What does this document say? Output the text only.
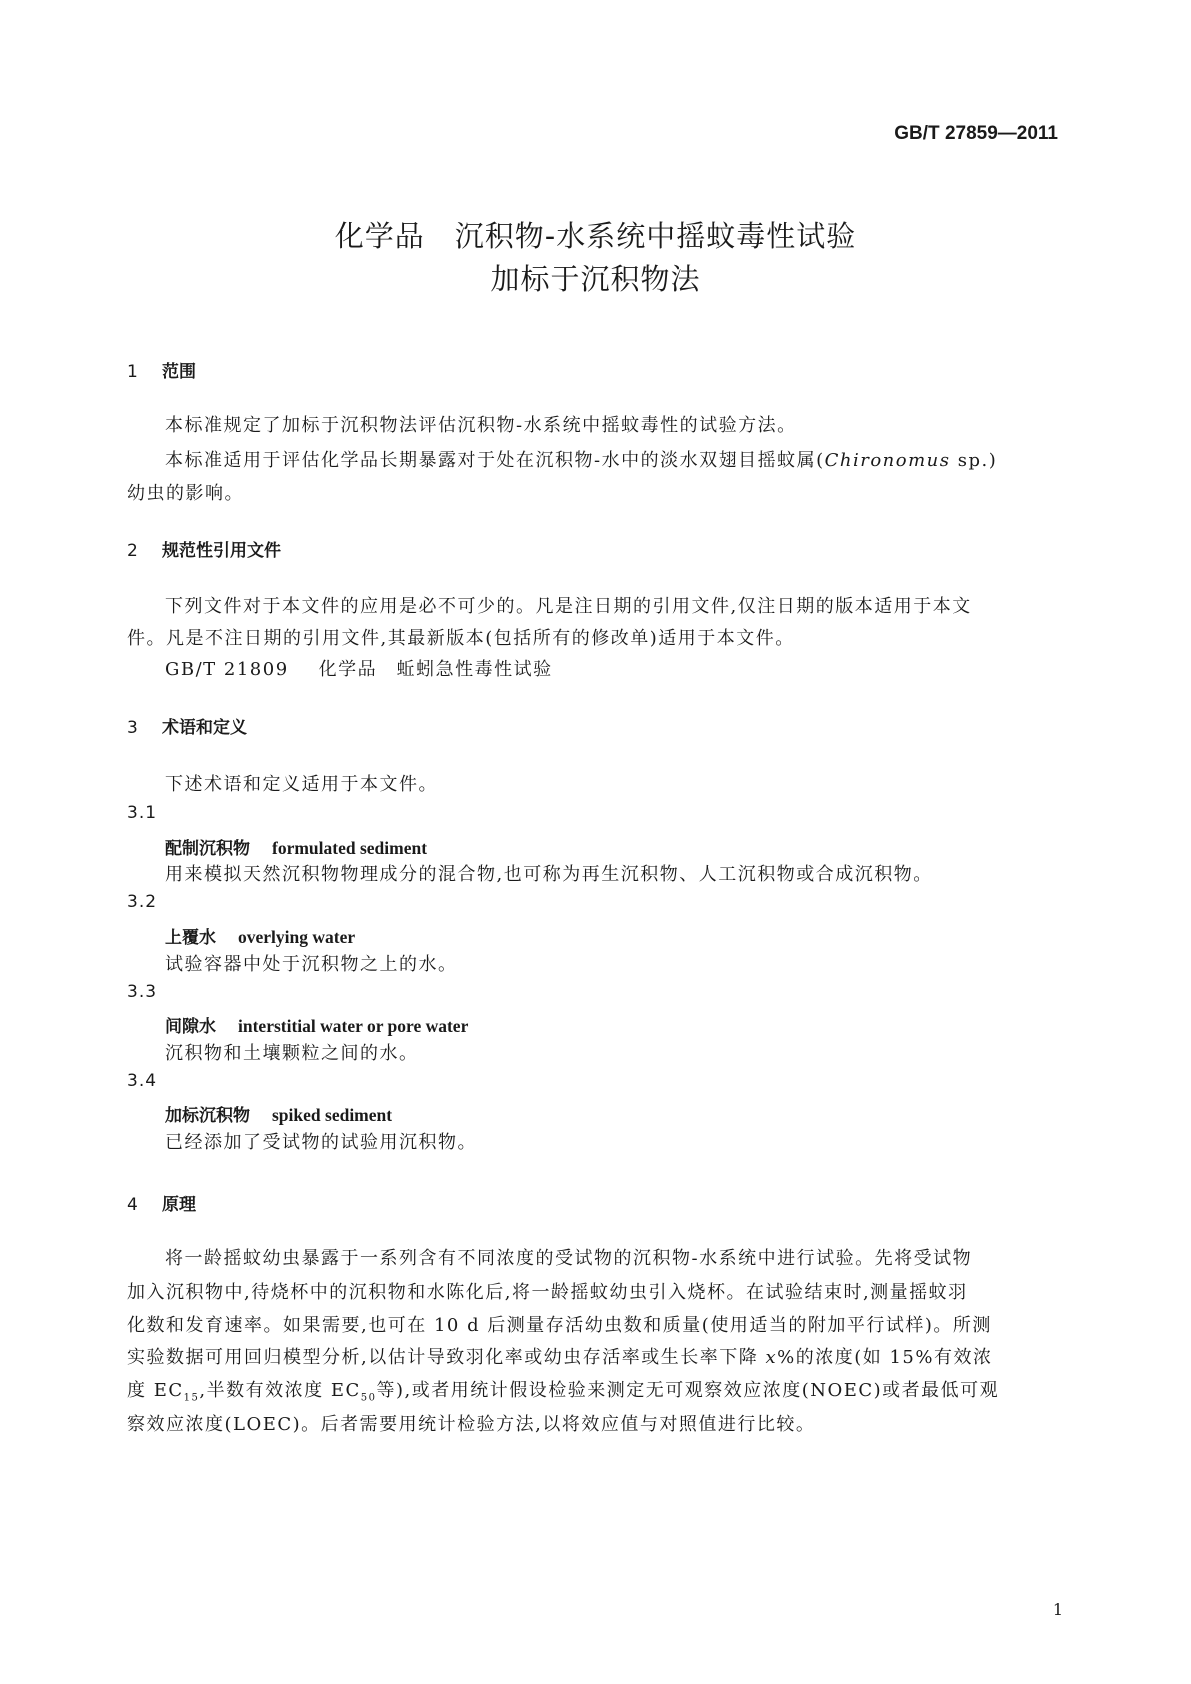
GB/T 27859—2011
化学品　沉积物-水系统中摇蚊毒性试验
加标于沉积物法
1 范围
本标准规定了加标于沉积物法评估沉积物-水系统中摇蚊毒性的试验方法。
本标准适用于评估化学品长期暴露对于处在沉积物-水中的淡水双翅目摇蚊属(Chironomus sp.)
幼虫的影响。
2 规范性引用文件
下列文件对于本文件的应用是必不可少的。凡是注日期的引用文件,仅注日期的版本适用于本文
件。凡是不注日期的引用文件,其最新版本(包括所有的修改单)适用于本文件。
GB/T 21809 化学品　蚯蚓急性毒性试验
3 术语和定义
下述术语和定义适用于本文件。
3.1
配制沉积物 formulated sediment
用来模拟天然沉积物物理成分的混合物,也可称为再生沉积物、人工沉积物或合成沉积物。
3.2
上覆水 overlying water
试验容器中处于沉积物之上的水。
3.3
间隙水 interstitial water or pore water
沉积物和土壤颗粒之间的水。
3.4
加标沉积物 spiked sediment
已经添加了受试物的试验用沉积物。
4 原理
将一龄摇蚊幼虫暴露于一系列含有不同浓度的受试物的沉积物-水系统中进行试验。先将受试物
加入沉积物中,待烧杯中的沉积物和水陈化后,将一龄摇蚊幼虫引入烧杯。在试验结束时,测量摇蚊羽
化数和发育速率。如果需要,也可在 10 d 后测量存活幼虫数和质量(使用适当的附加平行试样)。所测
实验数据可用回归模型分析,以估计导致羽化率或幼虫存活率或生长率下降 x%的浓度(如 15%有效浓
度 $EC_{15}$,半数有效浓度 $EC_{50}$等),或者用统计假设检验来测定无可观察效应浓度(NOEC)或者最低可观
察效应浓度(LOEC)。后者需要用统计检验方法,以将效应值与对照值进行比较。
1
